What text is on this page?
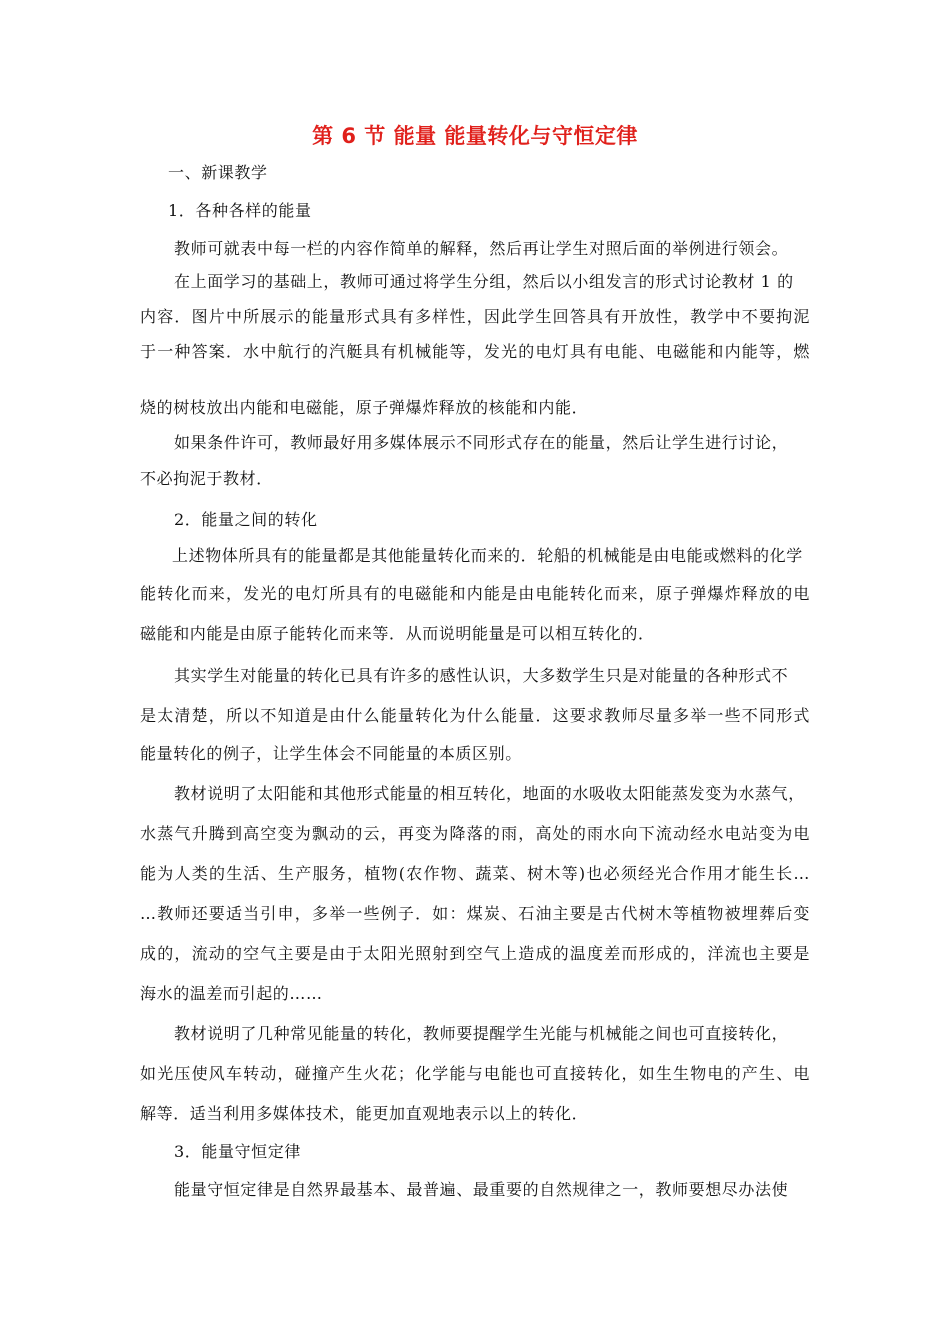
第 6 节 能量 能量转化与守恒定律
一、新课教学
1．各种各样的能量
教师可就表中每一栏的内容作简单的解释，然后再让学生对照后面的举例进行领会。
在上面学习的基础上，教师可通过将学生分组，然后以小组发言的形式讨论教材 1 的
内容．图片中所展示的能量形式具有多样性，因此学生回答具有开放性，教学中不要拘泥
于一种答案．水中航行的汽艇具有机械能等，发光的电灯具有电能、电磁能和内能等，燃
烧的树枝放出内能和电磁能，原子弹爆炸释放的核能和内能．
如果条件许可，教师最好用多媒体展示不同形式存在的能量，然后让学生进行讨论，
不必拘泥于教材．
2．能量之间的转化
上述物体所具有的能量都是其他能量转化而来的．轮船的机械能是由电能或燃料的化学
能转化而来，发光的电灯所具有的电磁能和内能是由电能转化而来，原子弹爆炸释放的电
磁能和内能是由原子能转化而来等．从而说明能量是可以相互转化的．
其实学生对能量的转化已具有许多的感性认识，大多数学生只是对能量的各种形式不
是太清楚，所以不知道是由什么能量转化为什么能量．这要求教师尽量多举一些不同形式
能量转化的例子，让学生体会不同能量的本质区别。
教材说明了太阳能和其他形式能量的相互转化，地面的水吸收太阳能蒸发变为水蒸气，
水蒸气升腾到高空变为飘动的云，再变为降落的雨，高处的雨水向下流动经水电站变为电
能为人类的生活、生产服务，植物(农作物、蔬菜、树木等)也必须经光合作用才能生长…
…教师还要适当引申，多举一些例子．如：煤炭、石油主要是古代树木等植物被埋葬后变
成的，流动的空气主要是由于太阳光照射到空气上造成的温度差而形成的，洋流也主要是
海水的温差而引起的……
教材说明了几种常见能量的转化，教师要提醒学生光能与机械能之间也可直接转化，
如光压使风车转动，碰撞产生火花；化学能与电能也可直接转化，如生生物电的产生、电
解等．适当利用多媒体技术，能更加直观地表示以上的转化．
3．能量守恒定律
能量守恒定律是自然界最基本、最普遍、最重要的自然规律之一，教师要想尽办法使
